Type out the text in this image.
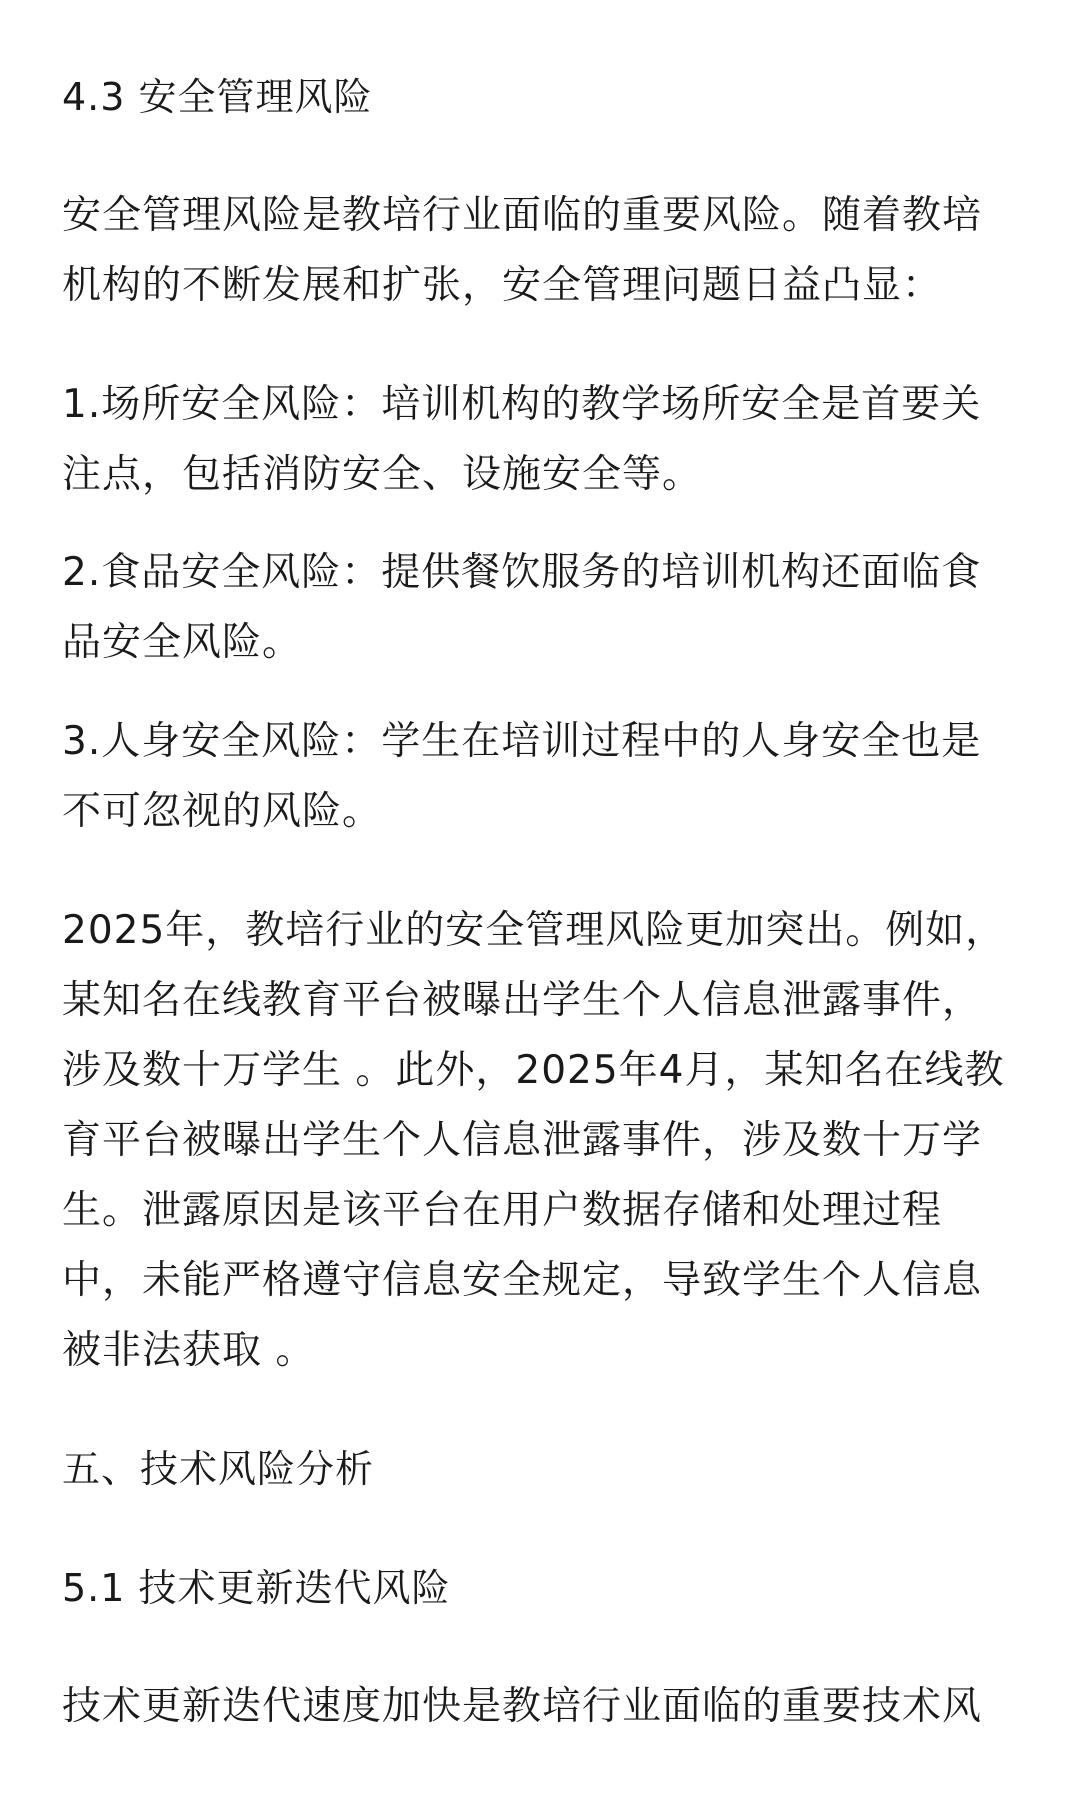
4.3 安全管理风险

安全管理风险是教培行业面临的重要风险。随着教培

机构的不断发展和扩张，安全管理问题日益凸显：

1.场所安全风险：培训机构的教学场所安全是首要关

注点，包括消防安全、设施安全等。

2.食品安全风险：提供餐饮服务的培训机构还面临食

品安全风险。

3.人身安全风险：学生在培训过程中的人身安全也是

不可忽视的风险。

2025年，教培行业的安全管理风险更加突出。例如，

某知名在线教育平台被曝出学生个人信息泄露事件，

涉及数十万学生 。此外，2025年4月，某知名在线教

育平台被曝出学生个人信息泄露事件，涉及数十万学

生。泄露原因是该平台在用户数据存储和处理过程

中，未能严格遵守信息安全规定，导致学生个人信息

被非法获取 。

五、技术风险分析

5.1 技术更新迭代风险

技术更新迭代速度加快是教培行业面临的重要技术风
